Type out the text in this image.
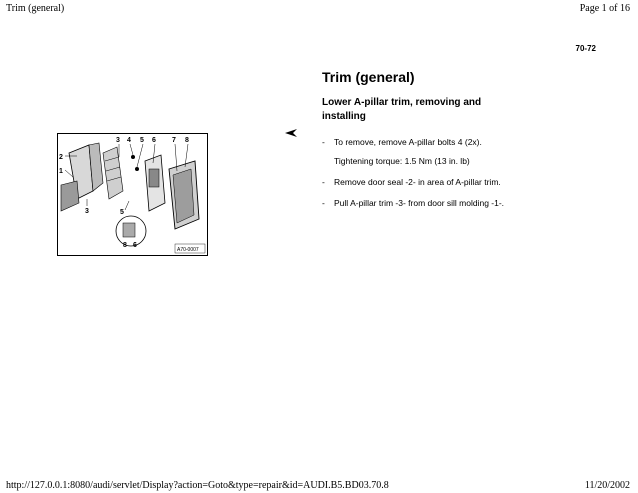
Trim (general)	Page 1 of 16
70-72
Trim (general)
Lower A-pillar trim, removing and installing
- To remove, remove A-pillar bolts 4 (2x).
Tightening torque: 1.5 Nm (13 in. lb)
- Remove door seal -2- in area of A-pillar trim.
- Pull A-pillar trim -3- from door sill molding -1-.
3 4 5 6 7 8
2
1
3	5
8 6
A70-0007
http://127.0.0.1:8080/audi/servlet/Display?action=Goto&type=repair&id=AUDI.B5.BD03.70.8	11/20/2002
